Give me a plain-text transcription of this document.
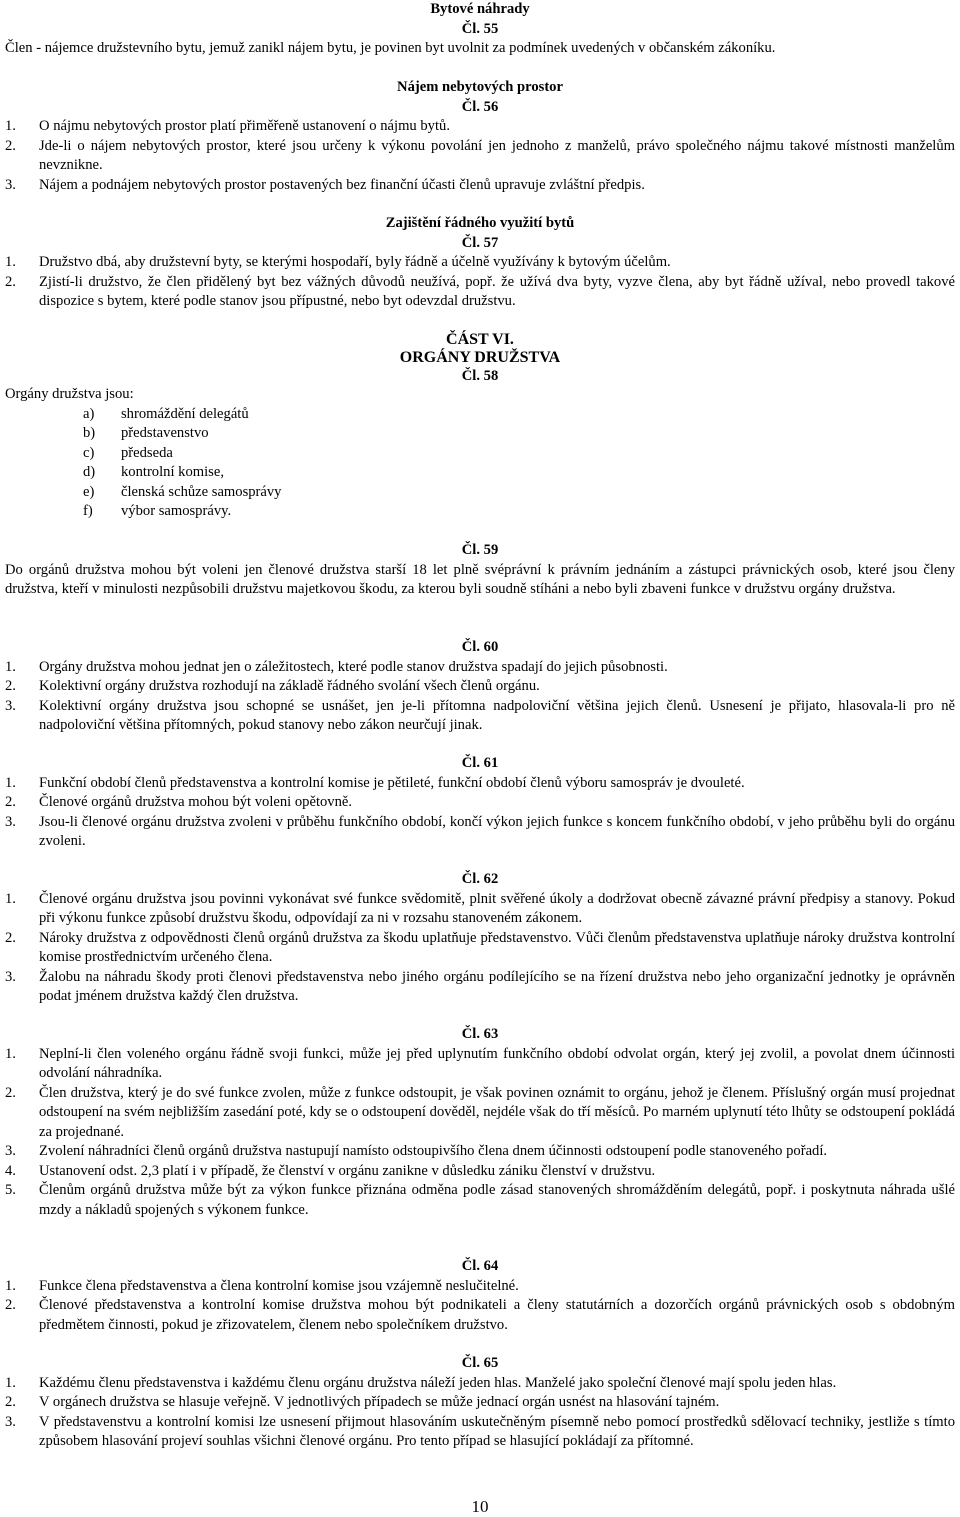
Bytové náhrady
Čl. 55
Člen - nájemce družstevního bytu, jemuž zanikl nájem bytu, je povinen byt uvolnit za podmínek uvedených v občanském zákoníku.
Nájem nebytových prostor
Čl. 56
1.	O nájmu nebytových prostor platí přiměřeně ustanovení o nájmu bytů.
2.	Jde-li o nájem nebytových prostor, které jsou určeny k výkonu povolání jen jednoho z manželů, právo společného nájmu takové místnosti manželům nevznikne.
3.	Nájem a podnájem nebytových prostor postavených bez finanční účasti členů upravuje zvláštní předpis.
Zajištění řádného využití bytů
Čl. 57
1.	Družstvo dbá, aby družstevní byty, se kterými hospodaří, byly řádně a účelně využívány k bytovým účelům.
2.	Zjistí-li družstvo, že člen přidělený byt bez vážných důvodů neužívá, popř. že užívá dva byty, vyzve člena, aby byt řádně užíval, nebo provedl takové dispozice s bytem, které podle stanov jsou přípustné, nebo byt odevzdal družstvu.
ČÁST VI.
ORGÁNY DRUŽSTVA
Čl. 58
Orgány družstva jsou:
a)	shromáždění delegátů
b)	představenstvo
c)	předseda
d)	kontrolní komise,
e)	členská schůze samosprávy
f)	výbor samosprávy.
Čl. 59
Do orgánů družstva mohou být voleni jen členové družstva starší 18 let plně svéprávní k právním jednáním a zástupci právnických osob, které jsou členy družstva, kteří v minulosti nezpůsobili družstvu majetkovou škodu, za kterou byli soudně stíháni a nebo byli zbaveni funkce v družstvu orgány družstva.
Čl. 60
1.	Orgány družstva mohou jednat jen o záležitostech, které podle stanov družstva spadají do jejich působnosti.
2.	Kolektivní orgány družstva rozhodují na základě řádného svolání všech členů orgánu.
3.	Kolektivní orgány družstva jsou schopné se usnášet, jen je-li přítomna nadpoloviční většina jejich členů. Usnesení je přijato, hlasovala-li pro ně nadpoloviční většina přítomných, pokud stanovy nebo zákon neurčují jinak.
Čl. 61
1.	Funkční období členů představenstva a kontrolní komise je pětileté, funkční období členů výboru samospráv je dvouleté.
2.	Členové orgánů družstva mohou být voleni opětovně.
3.	Jsou-li členové orgánu družstva zvoleni v průběhu funkčního období, končí výkon jejich funkce s koncem funkčního období, v jeho průběhu byli do orgánu zvoleni.
Čl. 62
1.	Členové orgánu družstva jsou povinni vykonávat své funkce svědomitě, plnit svěřené úkoly a dodržovat obecně závazné právní předpisy a stanovy. Pokud při výkonu funkce způsobí družstvu škodu, odpovídají za ni v rozsahu stanoveném zákonem.
2.	Nároky družstva z odpovědnosti členů orgánů družstva za škodu uplatňuje představenstvo. Vůči členům představenstva uplatňuje nároky družstva kontrolní komise prostřednictvím určeného člena.
3.	Žalobu na náhradu škody proti členovi představenstva nebo jiného orgánu podílejícího se na řízení družstva nebo jeho organizační jednotky je oprávněn podat jménem družstva každý člen družstva.
Čl. 63
1.	Neplní-li člen voleného orgánu řádně svoji funkci, může jej před uplynutím funkčního období odvolat orgán, který jej zvolil, a povolat dnem účinnosti odvolání náhradníka.
2.	Člen družstva, který je do své funkce zvolen, může z funkce odstoupit, je však povinen oznámit to orgánu, jehož je členem. Příslušný orgán musí projednat odstoupení na svém nejbližším zasedání poté, kdy se o odstoupení dověděl, nejdéle však do tří měsíců. Po marném uplynutí této lhůty se odstoupení pokládá za projednané.
3.	Zvolení náhradníci členů orgánů družstva nastupují namísto odstoupivšího člena dnem účinnosti odstoupení podle stanoveného pořadí.
4.	Ustanovení odst. 2,3 platí i v případě, že členství v orgánu zanikne v důsledku zániku členství v družstvu.
5.	Členům orgánů družstva může být za výkon funkce přiznána odměna podle zásad stanovených shromážděním delegátů, popř. i poskytnuta náhrada ušlé mzdy a nákladů spojených s výkonem funkce.
Čl. 64
1.	Funkce člena představenstva a člena kontrolní komise jsou vzájemně neslučitelné.
2.	Členové představenstva a kontrolní komise družstva mohou být podnikateli a členy statutárních a dozorčích orgánů právnických osob s obdobným předmětem činnosti, pokud je zřizovatelem, členem nebo společníkem družstvo.
Čl. 65
1.	Každému členu představenstva i každému členu orgánu družstva náleží jeden hlas. Manželé jako společní členové mají spolu jeden hlas.
2.	V orgánech družstva se hlasuje veřejně. V jednotlivých případech se může jednací orgán usnést na hlasování tajném.
3.	V představenstvu a kontrolní komisi lze usnesení přijmout hlasováním uskutečněným písemně nebo pomocí prostředků sdělovací techniky, jestliže s tímto způsobem hlasování projeví souhlas všichni členové orgánu. Pro tento případ se hlasující pokládají za přítomné.
10
